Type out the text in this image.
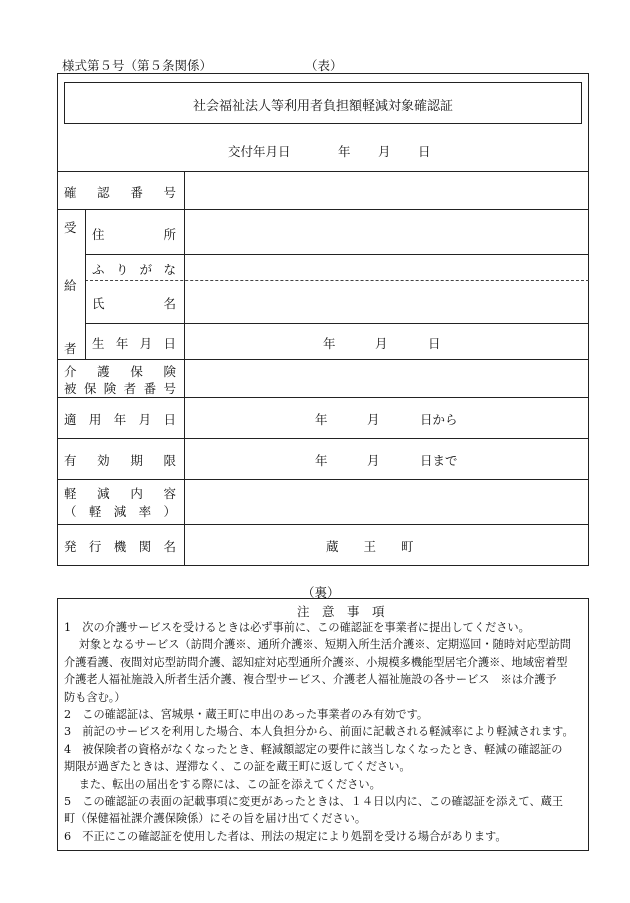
様式第５号（第５条関係）	（表）
社会福祉法人等利用者負担額軽減対象確認証
交付年月日	年 月 日
確 認 番 号
受
給
者
住	所
ふ り が な
氏	名
生 年 月 日	年	月	日
介 護 保 険
被 保 険 者 番 号
適 用 年 月 日	年	月	日から
有 効 期 限	年	月	日まで
軽 減 内 容
（ 軽 減 率 ）
発 行 機 関 名	蔵　　王　　町
（裏）
注　意　事　項
1　次の介護サービスを受けるときは必ず事前に、この確認証を事業者に提出してください。
　 対象となるサービス（訪問介護※、通所介護※、短期入所生活介護※、定期巡回・随時対応型訪問
介護看護、夜間対応型訪問介護、認知症対応型通所介護※、小規模多機能型居宅介護※、地域密着型
介護老人福祉施設入所者生活介護、複合型サービス、介護老人福祉施設の各サービス　※は介護予
防も含む。）
2　この確認証は、宮城県・蔵王町に申出のあった事業者のみ有効です。
3　前記のサービスを利用した場合、本人負担分から、前面に記載される軽減率により軽減されます。
4　被保険者の資格がなくなったとき、軽減額認定の要件に該当しなくなったとき、軽減の確認証の
期限が過ぎたときは、遅滞なく、この証を蔵王町に返してください。
　 また、転出の届出をする際には、この証を添えてください。
5　この確認証の表面の記載事項に変更があったときは、１４日以内に、この確認証を添えて、蔵王
町（保健福祉課介護保険係）にその旨を届け出てください。
6　不正にこの確認証を使用した者は、刑法の規定により処罰を受ける場合があります。
